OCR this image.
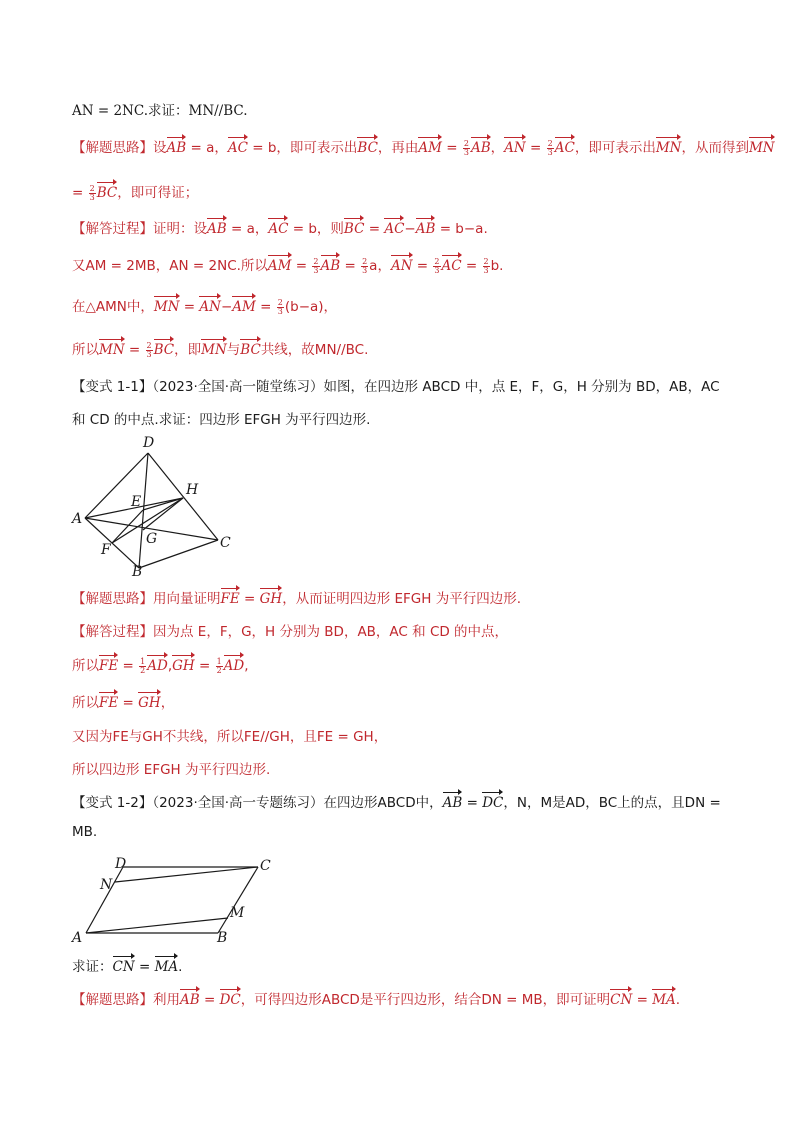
AN = 2NC.求证：MN//BC.
【解题思路】设AB = a，AC = b，即可表示出BC，再由AM = $\frac{2}{3}$ AB，AN = $\frac{2}{3}$ AC，即可表示出MN，从而得到MN
= $\frac{2}{3}$ BC，即可得证；
【解答过程】证明：设AB = a，AC = b，则BC = AC−AB = b−a.
又AM = 2MB，AN = 2NC.所以AM = $\frac{2}{3}$ AB = $\frac{2}{3}$ a，AN = $\frac{2}{3}$ AC = $\frac{2}{3} b$.
在△AMN中，MN = $AN-AM = \frac{2}{3} (b-a)$，
所以MN = $\frac{2}{3}$ BC，即MN与BC共线，故MN//BC.
【变式 1-1】（2023·全国·高一随堂练习）如图，在四边形 ABCD 中，点 E，F，G，H 分别为 BD，AB，AC
和 CD 的中点.求证：四边形 EFGH 为平行四边形.
D
E
H
A
F
G	C
B
【解题思路】用向量证明FE = GH，从而证明四边形 EFGH 为平行四边形.
【解答过程】因为点 E，F，G，H 分别为 BD，AB，AC 和 CD 的中点，
所以FE = $\frac{1}{2} AD,GH = \frac{1}{2}$ AD,
所以FE = GH，
又因为FE与GH不共线，所以FE//GH，且FE = GH，
所以四边形 EFGH 为平行四边形.
【变式 1-2】（2023·全国·高一专题练习）在四边形ABCD中，AB = DC，N，M是AD，BC上的点，且DN =
MB.
D	C
N
M
A	B
求证：CN = MA.
【解题思路】利用AB = DC，可得四边形ABCD是平行四边形，结合DN = MB，即可证明CN = MA.
